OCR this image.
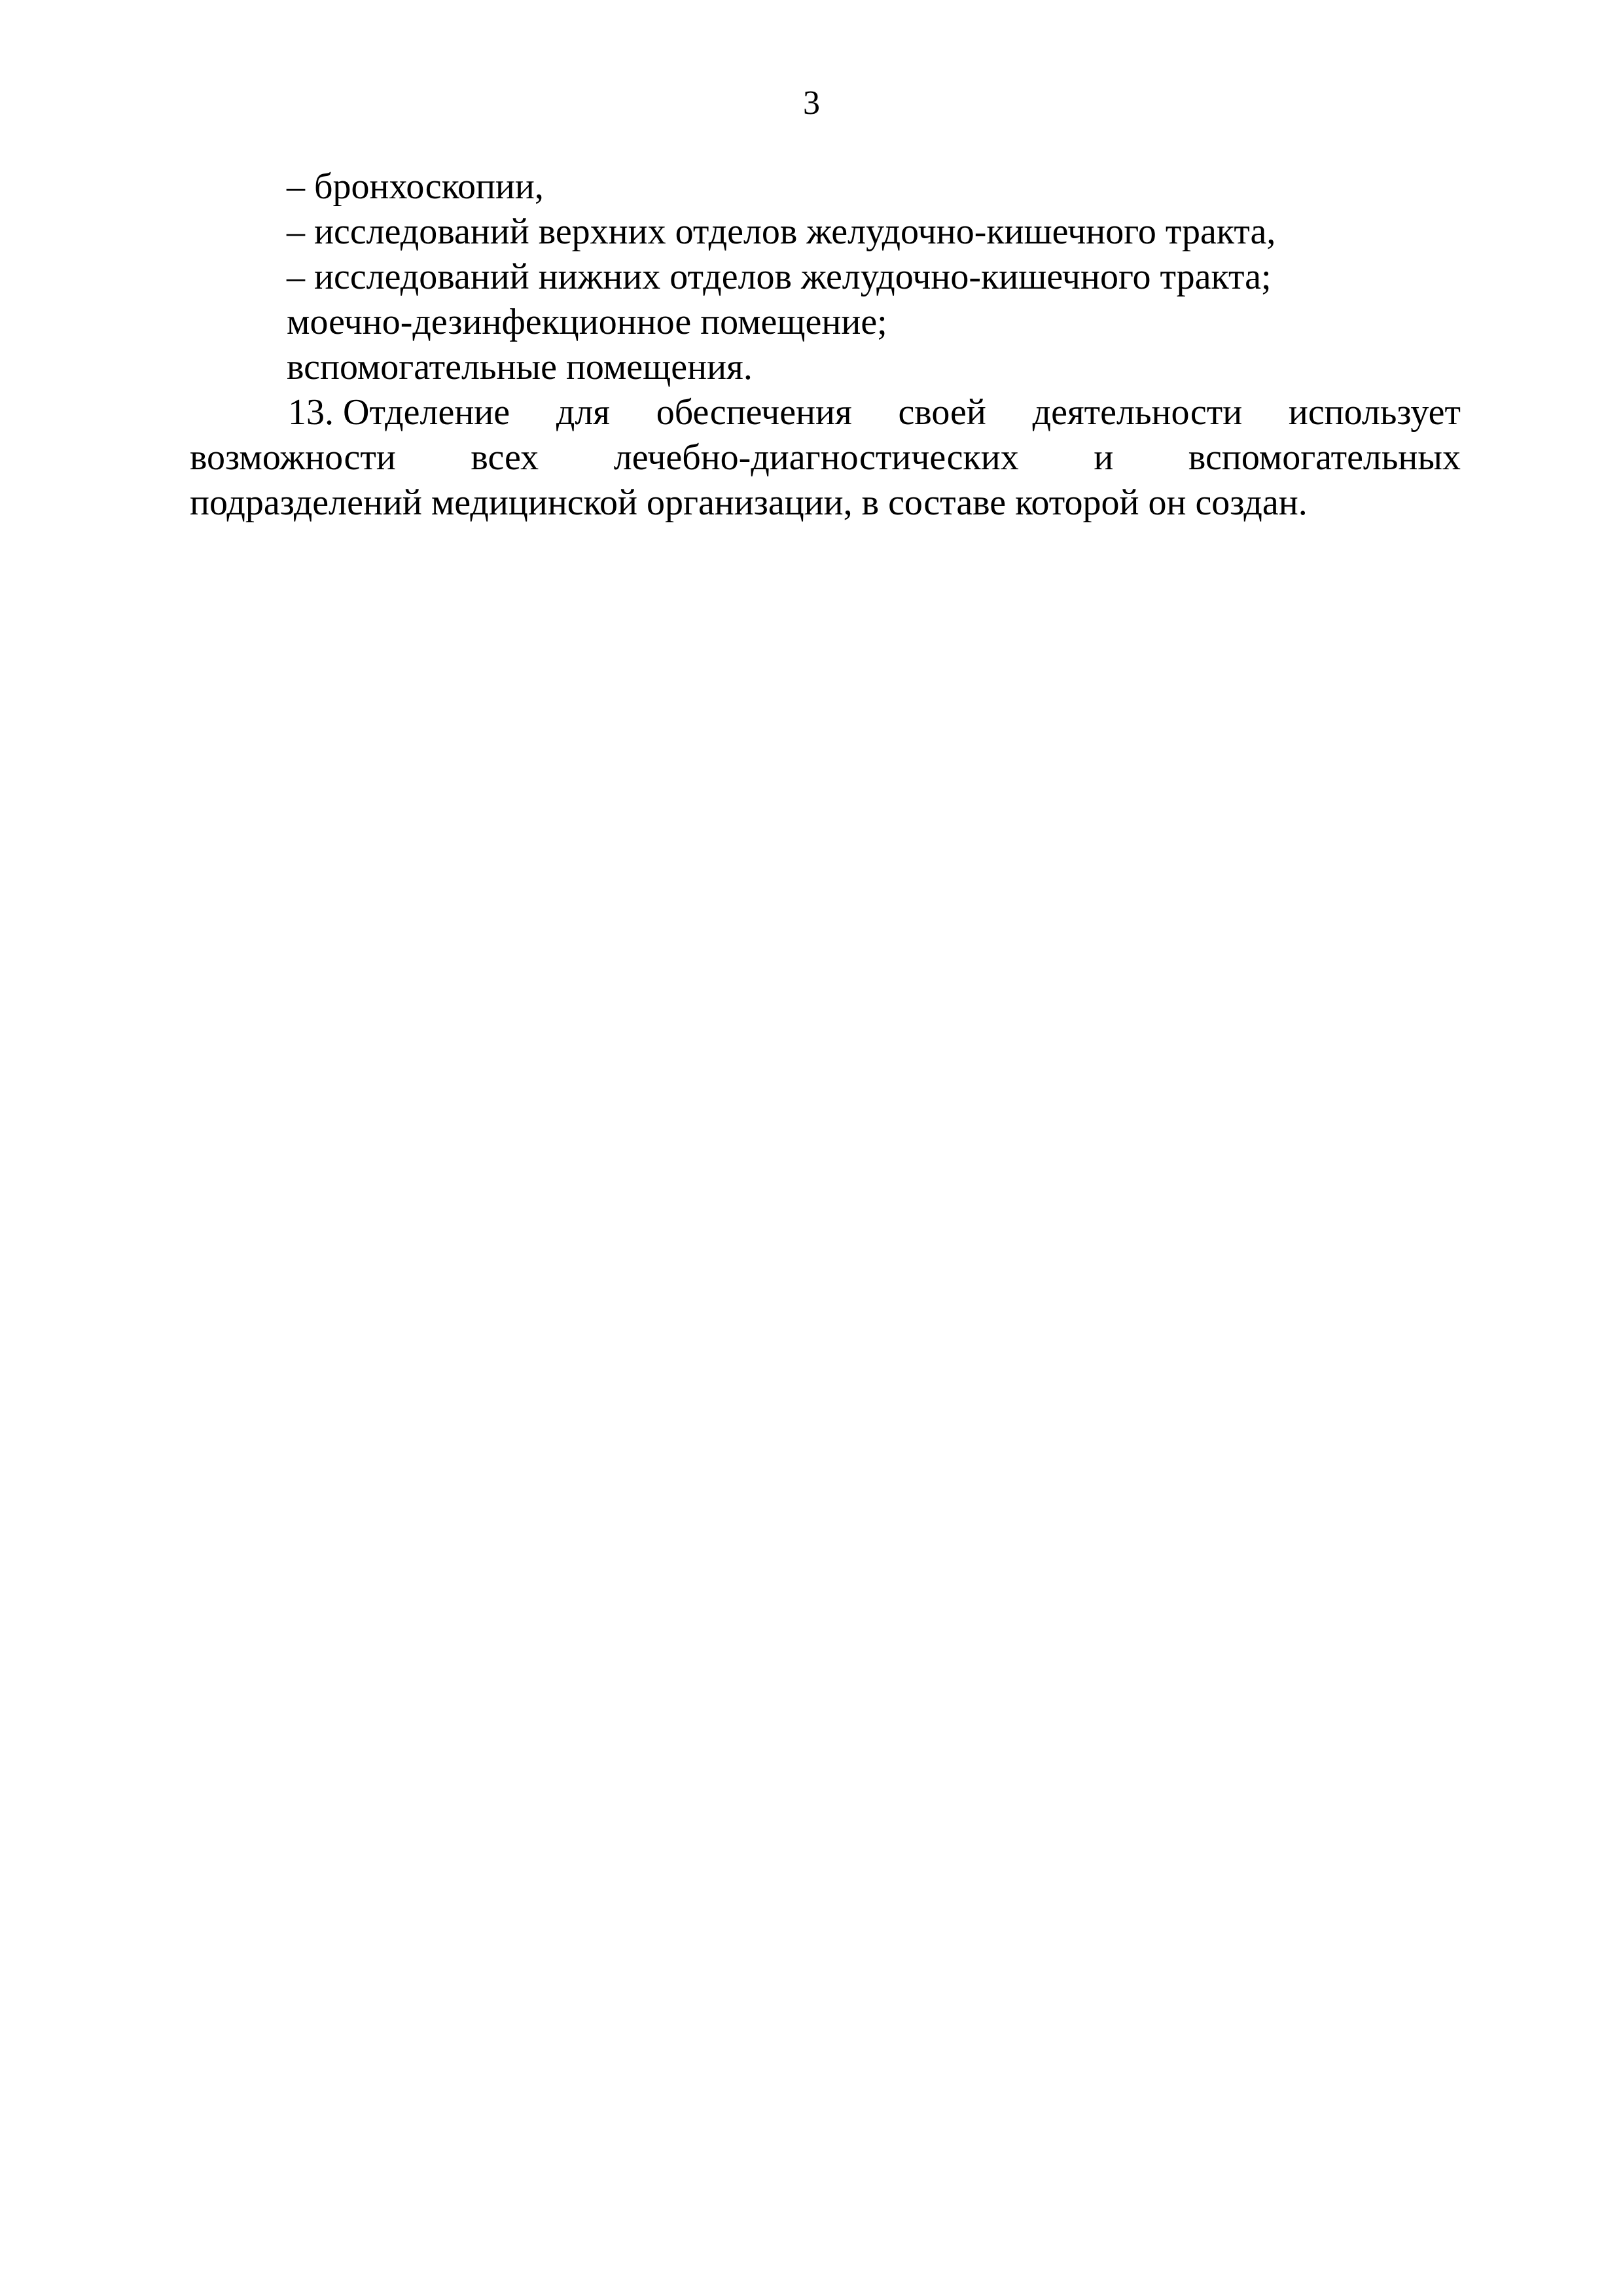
3
– бронхоскопии,
– исследований верхних отделов желудочно-кишечного тракта,
– исследований нижних отделов желудочно-кишечного тракта;
моечно-дезинфекционное помещение;
вспомогательные помещения.
13. Отделение для обеспечения своей деятельности использует
возможности всех лечебно-диагностических и вспомогательных
подразделений медицинской организации, в составе которой он создан.
